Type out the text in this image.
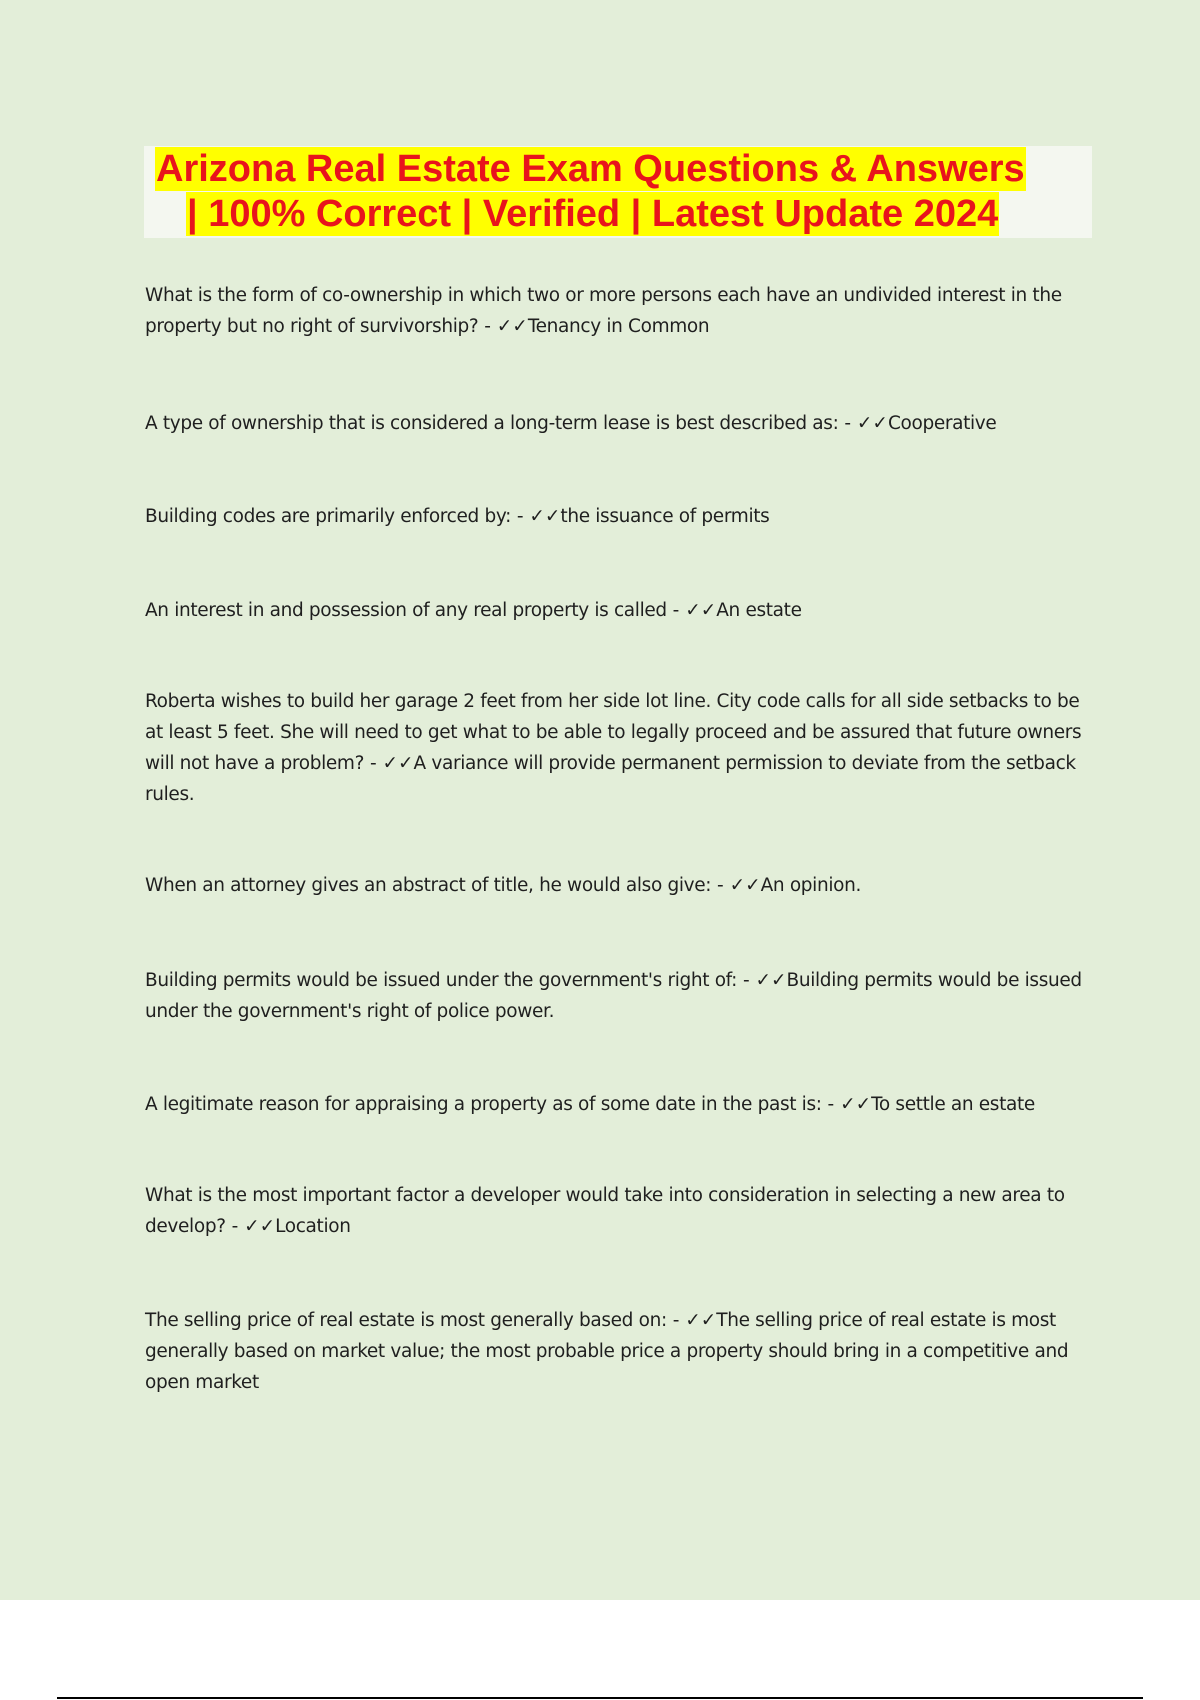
Arizona Real Estate Exam Questions & Answers
| 100% Correct | Verified | Latest Update 2024
What is the form of co-ownership in which two or more persons each have an undivided interest in the property but no right of survivorship? - ✓✓Tenancy in Common
A type of ownership that is considered a long-term lease is best described as: - ✓✓Cooperative
Building codes are primarily enforced by: - ✓✓the issuance of permits
An interest in and possession of any real property is called - ✓✓An estate
Roberta wishes to build her garage 2 feet from her side lot line. City code calls for all side setbacks to be at least 5 feet. She will need to get what to be able to legally proceed and be assured that future owners will not have a problem? - ✓✓A variance will provide permanent permission to deviate from the setback rules.
When an attorney gives an abstract of title, he would also give: - ✓✓An opinion.
Building permits would be issued under the government's right of: - ✓✓Building permits would be issued under the government's right of police power.
A legitimate reason for appraising a property as of some date in the past is: - ✓✓To settle an estate
What is the most important factor a developer would take into consideration in selecting a new area to develop? - ✓✓Location
The selling price of real estate is most generally based on: - ✓✓The selling price of real estate is most generally based on market value; the most probable price a property should bring in a competitive and open market
